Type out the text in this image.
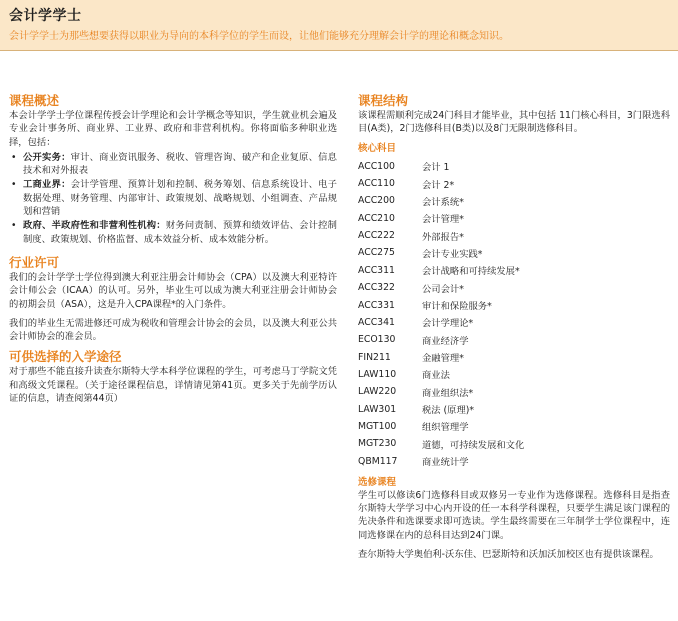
会计学学士

会计学学士为那些想要获得以职业为导向的本科学位的学生而设，让他们能够充分理解会计学的理论和概念知识。

课程概述

本会计学学士学位课程传授会计学理论和会计学概念等知识，学生就业机会遍及专业会计事务所、商业界、工业界、政府和非营利机构。你将面临多种职业选择，包括：

• 公开实务：审计、商业资讯服务、税收、管理咨询、破产和企业复原、信息技术和对外报表
• 工商业界：会计学管理、预算计划和控制、税务筹划、信息系统设计、电子数据处理、财务管理、内部审计、政策规划、战略规划、小组调查、产品规划和营销
• 政府、半政府性和非营利性机构：财务问责制、预算和绩效评估、会计控制制度、政策规划、价格监督、成本效益分析、成本效能分析。
行业许可

我们的会计学学士学位得到澳大利亚注册会计师协会（CPA）以及澳大利亚特许会计师公会（ICAA）的认可。另外，毕业生可以成为澳大利亚注册会计师协会的初期会员（ASA），这是升入CPA课程*的入门条件。

我们的毕业生无需进修还可成为税收和管理会计协会的会员，以及澳大利亚公共会计师协会的准会员。

可供选择的入学途径

对于那些不能直接升读查尔斯特大学本科学位课程的学生，可考虑马丁学院文凭和高级文凭课程。（关于途径课程信息，详情请见第41页。更多关于先前学历认证的信息，请查阅第44页）

课程结构

该课程需顺利完成24门科目才能毕业，其中包括 11门核心科目，3门限选科目(A类)，2门选修科目(B类)以及8门无限制选修科目。

核心科目
ACC100	会计 1
ACC110	会计 2*
ACC200	会计系统*
ACC210	会计管理*
ACC222	外部报告*
ACC275	会计专业实践*
ACC311	会计战略和可持续发展*
ACC322	公司会计*
ACC331	审计和保险服务*
ACC341	会计学理论*
ECO130	商业经济学
FIN211	金融管理*
LAW110	商业法
LAW220	商业组织法*
LAW301	税法 (原理)*
MGT100	组织管理学
MGT230	道德，可持续发展和文化
QBM117	商业统计学
选修课程

学生可以修读6门选修科目或双修另一专业作为选修课程。选修科目是指查尔斯特大学学习中心内开设的任一本科学科课程，只要学生满足该门课程的先决条件和选课要求即可选读。学生最终需要在三年制学士学位课程中，连同选修课在内的总科目达到24门课。

查尔斯特大学奥伯利-沃东佳、巴瑟斯特和沃加沃加校区也有提供该课程。
